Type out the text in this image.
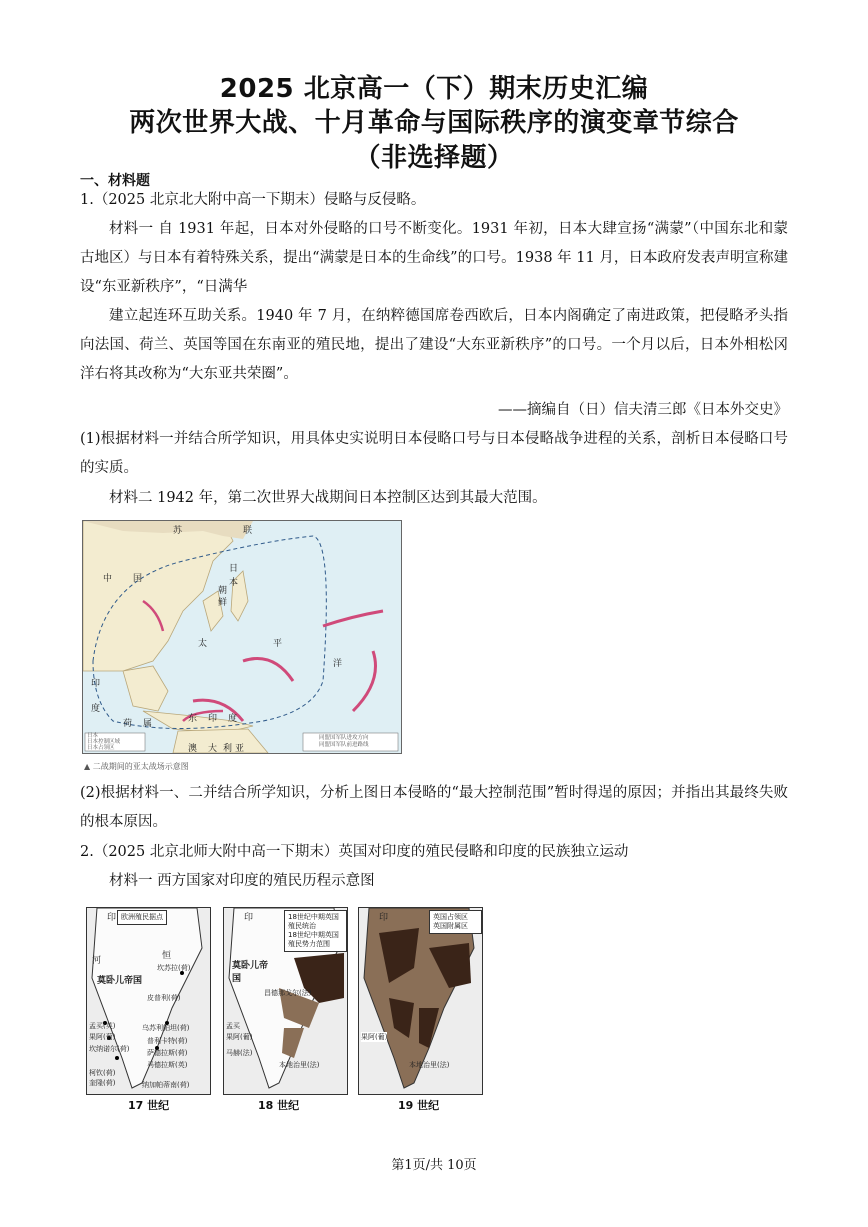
2025 北京高一（下）期末历史汇编
两次世界大战、十月革命与国际秩序的演变章节综合
（非选择题）
一、材料题
1.（2025 北京北大附中高一下期末）侵略与反侵略。
材料一 自 1931 年起，日本对外侵略的口号不断变化。1931 年初，日本大肆宣扬“满蒙”（中国东北和蒙古地区）与日本有着特殊关系，提出“满蒙是日本的生命线”的口号。1938 年 11 月，日本政府发表声明宣称建设“东亚新秩序”，“日满华
建立起连环互助关系。1940 年 7 月，在纳粹德国席卷西欧后，日本内阁确定了南进政策，把侵略矛头指向法国、荷兰、英国等国在东南亚的殖民地，提出了建设“大东亚新秩序”的口号。一个月以后，日本外相松冈洋右将其改称为“大东亚共荣圈”。
——摘编自（日）信夫清三郎《日本外交史》
(1)根据材料一并结合所学知识，用具体史实说明日本侵略口号与日本侵略战争进程的关系，剖析日本侵略口号的实质。
材料二 1942 年，第二次世界大战期间日本控制区达到其最大范围。
苏	联
中 国
朝
鲜
日
本
太	平
洋
印
度
荷 属	东 印 度
澳 大 利 亚
日本
日本控制区域
日本占领区
同盟国军队进攻方向
同盟国军队前进路线
▲ 二战期间的亚太战场示意图
(2)根据材料一、二并结合所学知识，分析上图日本侵略的“最大控制范围”暂时得逞的原因；并指出其最终失败的根本原因。
2.（2025 北京北师大附中高一下期末）英国对印度的殖民侵略和印度的民族独立运动
材料一 西方国家对印度的殖民历程示意图
欧洲殖民据点
莫卧儿帝国
坎苏拉(荷)
皮普利(荷)
乌苏利帕坦(荷)
孟买(英)
果阿(葡)
坎纳诺尔(荷)
柯钦(荷)
奎隆(荷)
普利卡特(荷)
萨德拉斯(荷)
马德拉斯(英)
纳加帕蒂南(荷)
恒
河
印
17 世纪
18世纪中期英国殖民统治
18世纪中期英国殖民势力范围
莫卧儿帝国
昌德那戈尔(法)
孟买
果阿(葡)
马赫(法)
本地治里(法)
印
18 世纪
英国占领区
英国附属区
果阿(葡)
本地治里(法)
印
19 世纪
第1页/共 10页
